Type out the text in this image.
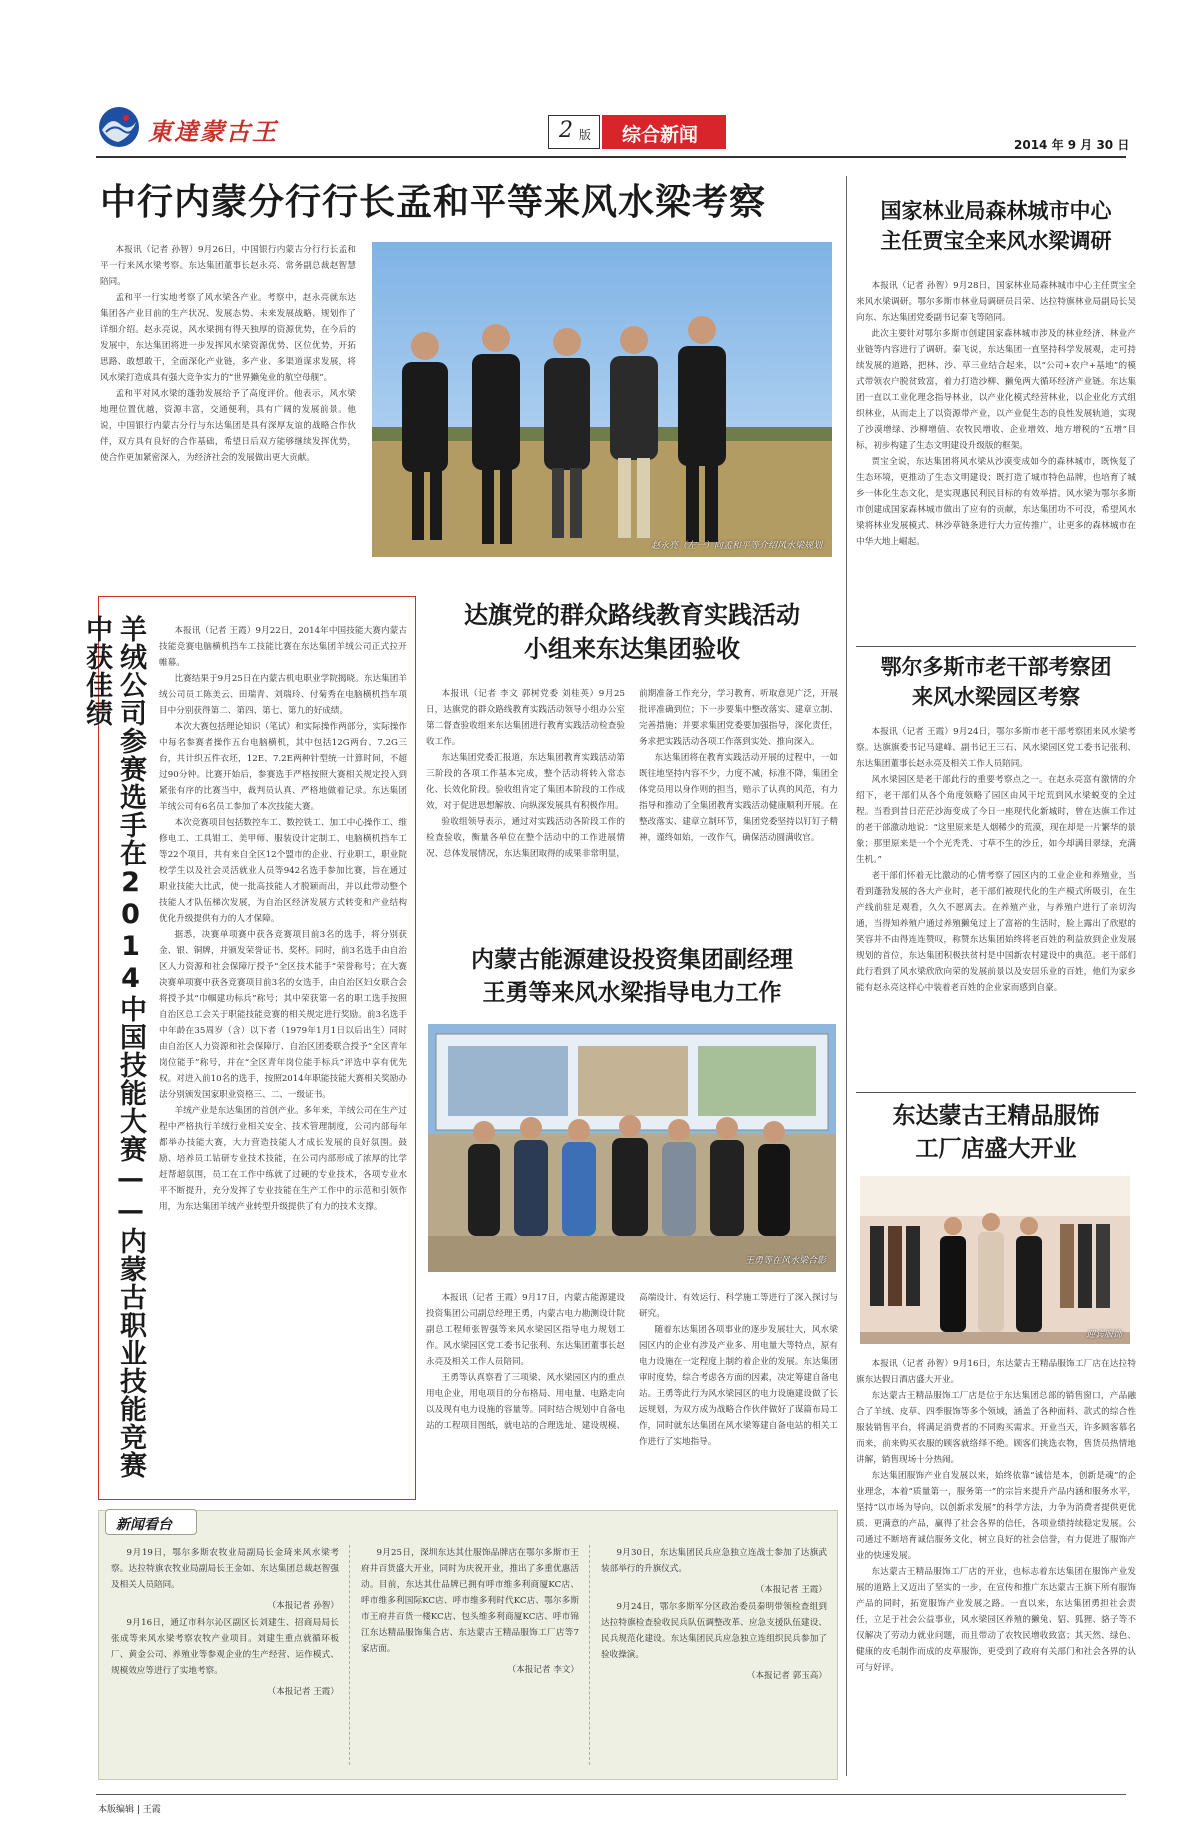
東達蒙古王	2 版 综合新闻	2014 年 9 月 30 日
中行内蒙分行行长孟和平等来风水梁考察

本报讯（记者 孙智）9月26日，中国银行内蒙古分行行长孟和平一行来风水梁考察。东达集团董事长赵永亮、常务副总裁赵智慧陪同。

孟和平一行实地考察了风水梁各产业。考察中，赵永亮就东达集团各产业目前的生产状况、发展态势、未来发展战略、规划作了详细介绍。赵永亮说，风水梁拥有得天独厚的资源优势，在今后的发展中，东达集团将进一步发挥风水梁资源优势、区位优势，开拓思路、敢想敢干，全面深化产业链，多产业、多渠道谋求发展，将风水梁打造成具有强大竞争实力的“世界獭兔业的航空母舰”。

孟和平对风水梁的蓬勃发展给予了高度评价。他表示，风水梁地理位置优越，资源丰富，交通便利，具有广阔的发展前景。他说，中国银行内蒙古分行与东达集团是具有深厚友谊的战略合作伙伴，双方具有良好的合作基础，希望日后双方能够继续发挥优势，使合作更加紧密深入，为经济社会的发展做出更大贡献。

赵永亮（左一）向孟和平等介绍风水梁规划
国家林业局森林城市中心
主任贾宝全来风水梁调研

本报讯（记者 孙智）9月28日，国家林业局森林城市中心主任贾宝全来风水梁调研。鄂尔多斯市林业局调研员吕荣、达拉特旗林业局副局长吴向东、东达集团党委副书记秦飞等陪同。

此次主要针对鄂尔多斯市创建国家森林城市涉及的林业经济、林业产业链等内容进行了调研。秦飞说，东达集团一直坚持科学发展观，走可持续发展的道路，把林、沙、草三业结合起来，以“公司+农户+基地”的模式带领农户脱贫致富，着力打造沙柳、獭兔两大循环经济产业链。东达集团一直以工业化理念指导林业，以产业化模式经营林业，以企业化方式组织林业，从而走上了以资源带产业，以产业促生态的良性发展轨道，实现了沙漠增绿、沙柳增值、农牧民增收、企业增效、地方增税的“五增”目标，初步构建了生态文明建设升级版的框架。

贾宝全说，东达集团将风水梁从沙漠变成如今的森林城市，既恢复了生态环境，更推动了生态文明建设；既打造了城市特色品牌，也培育了城乡一体化生态文化，是实现惠民利民目标的有效举措。风水梁为鄂尔多斯市创建成国家森林城市做出了应有的贡献，东达集团功不可没，希望风水梁将林业发展模式、林沙草链条进行大力宣传推广，让更多的森林城市在中华大地上崛起。

羊绒公司参赛选手在2014中国技能大赛——内蒙古职业技能竞赛中获佳绩	本报讯（记者 王霞）9月22日，2014年中国技能大赛内蒙古技能竞赛电脑横机挡车工技能比赛在东达集团羊绒公司正式拉开帷幕。

比赛结果于9月25日在内蒙古机电职业学院揭晓。东达集团羊绒公司员工陈美云、田瑞青、刘瑞玲、付菊秀在电脑横机挡车项目中分别获得第二、第四、第七、第九的好成绩。

本次大赛包括理论知识（笔试）和实际操作两部分，实际操作中每名参赛者操作五台电脑横机，其中包括12G两台、7.2G三台，共计织五件衣坯，12E、7.2E两种针型统一计算时间，不超过90分钟。比赛开始后，参赛选手严格按照大赛相关规定投入到紧张有序的比赛当中，裁判员认真、严格地做着记录。东达集团羊绒公司有6名员工参加了本次技能大赛。

本次竞赛项目包括数控车工、数控铣工、加工中心操作工、维修电工、工具钳工、美甲师、服装设计定制工、电脑横机挡车工等22个项目，共有来自全区12个盟市的企业、行业职工，职业院校学生以及社会灵活就业人员等942名选手参加比赛，旨在通过职业技能大比武，使一批高技能人才脱颖而出，并以此带动整个技能人才队伍梯次发展，为自治区经济发展方式转变和产业结构优化升级提供有力的人才保障。

据悉，决赛单项赛中获各竞赛项目前3名的选手，将分别获金、银、铜牌，并颁发荣誉证书、奖杯。同时，前3名选手由自治区人力资源和社会保障厅授予“全区技术能手”荣誉称号；在大赛决赛单项赛中获各竞赛项目前3名的女选手，由自治区妇女联合会将授予其“巾帼建功标兵”称号；其中荣获第一名的职工选手按照自治区总工会关于职能技能竞赛的相关规定进行奖励。前3名选手中年龄在35周岁（含）以下者（1979年1月1日以后出生）同时由自治区人力资源和社会保障厅、自治区团委联合授予“全区青年岗位能手”称号，并在“全区青年岗位能手标兵”评选中享有优先权。对进入前10名的选手，按照2014年职能技能大赛相关奖励办法分别颁发国家职业资格三、二、一级证书。

羊绒产业是东达集团的首创产业。多年来，羊绒公司在生产过程中严格执行羊绒行业相关安全、技术管理制度，公司内部每年都举办技能大赛，大力营造技能人才成长发展的良好氛围。鼓励、培养员工钻研专业技术技能，在公司内部形成了浓厚的比学赶帮超氛围，员工在工作中练就了过硬的专业技术，各项专业水平不断提升，充分发挥了专业技能在生产工作中的示范和引领作用，为东达集团羊绒产业转型升级提供了有力的技术支撑。

达旗党的群众路线教育实践活动
小组来东达集团验收

本报讯（记者 李文 郭树党委 刘桂英）9月25日，达旗党的群众路线教育实践活动领导小组办公室第二督查验收组来东达集团进行教育实践活动检查验收工作。

东达集团党委汇报道，东达集团教育实践活动第三阶段的各项工作基本完成，整个活动将转入常态化、长效化阶段。验收组肯定了集团本阶段的工作成效，对于促进思想解放、向纵深发展具有积极作用。

验收组领导表示，通过对实践活动各阶段工作的检查验收，衡量各单位在整个活动中的工作进展情况、总体发展情况，东达集团取得的成果非常明显，前期准备工作充分，学习教育、听取意见广泛，开展批评准确到位；下一步要集中整改落实、建章立制、完善措施；并要求集团党委要加强指导，深化责任，务求把实践活动各项工作落到实处、推向深入。

东达集团将在教育实践活动开展的过程中，一如既往地坚持内容不少，力度不减，标准不降，集团全体党员用以身作则的担当，赔示了认真的风范，有力指导和推动了全集团教育实践活动健康顺利开展。在整改落实、建章立制环节，集团党委坚持以钉钉子精神，谨终如始，一改作气，确保活动圆满收官。

鄂尔多斯市老干部考察团
来风水梁园区考察

本报讯（记者 王霞）9月24日，鄂尔多斯市老干部考察团来风水梁考察。达旗旗委书记马建峰、副书记王三石、风水梁园区党工委书记张利、东达集团董事长赵永亮及相关工作人员陪同。

风水梁园区是老干部此行的重要考察点之一。在赵永亮富有激情的介绍下，老干部们从各个角度领略了园区由风干坨荒到风水梁蜕变的全过程。当看到昔日茫茫沙海变成了今日一座现代化新城时，曾在达旗工作过的老干部激动地说：“这里原来是人烟稀少的荒漠，现在却是一片繁华的景象；那里原来是一个个光秃秃、寸草不生的沙丘，如今却满目翠绿，充满生机。”

老干部们怀着无比激动的心情考察了园区内的工业企业和养殖业，当看到蓬勃发展的各大产业时，老干部们被现代化的生产模式所吸引，在生产线前驻足观看，久久不愿离去。在养殖产业，与养殖户进行了亲切沟通，当得知养殖户通过养殖獭兔过上了富裕的生活时，脸上露出了欣慰的笑容并不由得连连赞叹，称赞东达集团始终将老百姓的利益放到企业发展规划的首位，东达集团积极扶贫村是中国新农村建设中的典范。老干部们此行看到了风水梁欣欣向荣的发展前景以及安居乐业的百姓，他们为家乡能有赵永亮这样心中装着老百姓的企业家而感到自豪。

内蒙古能源建设投资集团副经理
王勇等来风水梁指导电力工作
王勇等在风水梁合影

本报讯（记者 王霞）9月17日，内蒙古能源建设投资集团公司副总经理王勇，内蒙古电力勘测设计院副总工程师张智强等来风水梁园区指导电力规划工作。风水梁园区党工委书记张利、东达集团董事长赵永亮及相关工作人员陪同。

王勇等认真察看了三项梁、风水梁园区内的重点用电企业，用电项目的分布格局、用电量、电路走向以及现有电力设施的容量等。同时结合规划中自备电站的工程项目图纸，就电站的合理选址、建设规模、高端设计、有效运行、科学施工等进行了深入探讨与研究。

随着东达集团各项事业的逐步发展壮大，风水梁园区内的企业有涉及产业多、用电量大等特点，原有电力设施在一定程度上制约着企业的发展。东达集团审时度势，综合考虑各方面的因素，决定筹建自备电站。王勇等此行为风水梁园区的电力设施建设做了长远规划，为双方成为战略合作伙伴做好了谋篇布局工作，同时就东达集团在风水梁筹建自备电站的相关工作进行了实地指导。

东达蒙古王精品服饰
工厂店盛大开业
迎宾服饰

本报讯（记者 孙智）9月16日，东达蒙古王精品服饰工厂店在达拉特旗东达假日酒店盛大开业。

东达蒙古王精品服饰工厂店是位于东达集团总部的销售窗口，产品融合了羊绒、皮草、四季服饰等多个领域，涵盖了各种面料、款式的综合性服装销售平台，将满足消费者的不同购买需求。开业当天，许多顾客慕名而来，前来购买衣服的顾客就络绎不绝。顾客们挑选衣物，售货员热情地讲解，销售现场十分热闹。

东达集团服饰产业自发展以来，始终依靠“诚信是本，创新是魂”的企业理念，本着“质量第一，服务第一”的宗旨来提升产品内涵和服务水平，坚持“以市场为导向，以创新求发展”的科学方法，力争为消费者提供更优质、更满意的产品，赢得了社会各界的信任，各项业绩持续稳定发展。公司通过不断培育诚信服务文化，树立良好的社会信誉，有力促进了服饰产业的快速发展。

东达蒙古王精品服饰工厂店的开业，也标志着东达集团在服饰产业发展的道路上又迈出了坚实的一步，在宣传和推广东达蒙古王旗下所有服饰产品的同时，拓宽服饰产业发展之路。一直以来，东达集团勇担社会责任，立足于社会公益事业，风水梁园区养殖的獭兔、貂、狐狸、貉子等不仅解决了劳动力就业问题，而且带动了农牧民增收致富；其天然、绿色、健康的皮毛制作而成的皮草服饰，更受到了政府有关部门和社会各界的认可与好评。

新闻看台

9月19日，鄂尔多斯农牧业局副局长金琦来风水梁考察。达拉特旗农牧业局副局长王金如、东达集团总裁赵智强及相关人员陪同。

（本报记者 孙智）

9月16日，通辽市科尔沁区副区长刘建生、招商局局长张成等来风水梁考察农牧产业项目。刘建生重点就循环板厂、黄金公司、养殖业等参观企业的生产经营、运作模式、规模效应等进行了实地考察。

（本报记者 王霞）

9月25日，深圳东达其仕服饰品牌店在鄂尔多斯市王府井百货盛大开业，同时为庆祝开业，推出了多重优惠活动。目前，东达其仕品牌已拥有呼市维多利商厦KC店、呼市维多利国际KC店、呼市维多利时代KC店、鄂尔多斯市王府井百货一楼KC店、包头维多利商厦KC店、呼市锦江东达精品服饰集合店、东达蒙古王精品服饰工厂店等7家店面。

（本报记者 李文）

9月30日，东达集团民兵应急独立连战士参加了达旗武装部举行的升旗仪式。

（本报记者 王霞）

9月24日，鄂尔多斯军分区政治委员秦明带领检查组到达拉特旗检查验收民兵队伍调整改革、应急支援队伍建设、民兵规范化建设。东达集团民兵应急独立连组织民兵参加了验收操演。

（本报记者 郭玉高）

本版编辑 | 王霞
